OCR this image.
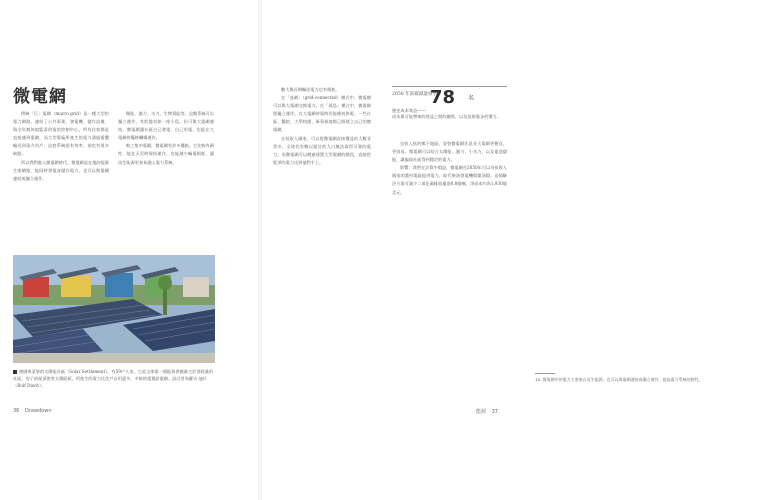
微電網

傳統「巨」電網（macro grid）是一種大型的電力網路，連結了公共事業、發電機、儲存設備，與全年無休地監看供電的控制中心。所有住家都是直接連到電網，而大型電廠所產生的電力通過電纜輸送到遠方用戶。這套系統很有效率，卻也有很多缺點。

所以我們進入微電網時代。微電網是在地的能源生產網路，能同時發電並儲存電力，也可以與電網連結或獨立運作。

陽能、風力、水力、生物質能等。這類系統可以獨立運作，其狀態有如一座小島，但可與大電網連結。微電網讓社區自己發電、自己用電，也能在大電網停擺時繼續運作。

較之集中電網，微電網有許多優點。它比較有韌性，能在天災時保持運作，也能減少輸電損耗，讓再生能源更容易融入電力系統。

德國弗萊堡的太陽能社區（Solar Settlement），有59戶人家，它是全球第一個能源供應量大於消耗量的社區。房子的屋頂裝有太陽能板，所產生的電力比住戶自用還多，多餘的電賣給電網。設計者為羅夫·迪什（Rolf Disch）。
36 Drawdown

數大與長期輸送電力也有損耗。

在「並網」（grid-connected）模式中，微電網可以與大電網交換電力。在「孤島」模式中，微電網則獨立運作，在大電網停電時仍能維持供電。一些社區、醫院、大學校園、軍事基地都已經建立自己的微電網。

在低收入國家，可以從微電網直接獲益的人數非常多。全球仍有數以億計的人口無法取得可靠的電力，而微電網可以跳過建置大型電網的階段，直接把乾淨的電力送到他們手上。

在收入低的鄉下地區，安裝微電網比延長大電網更便宜，更容易。微電網可以結合太陽能、風力、小水力，以及電池儲能，讓偏遠社區得到穩定的電力。

影響：我們在計算中假設，微電網在2050年可以為低收入國家的農村地區提供電力，取代柴油發電機與煤油燈。這個解決方案可減少二氧化碳排放量達0.8億噸，淨成本約為1,930億美元。

18. 微電網中的電力主要來自再生能源，也可以與電網連接或獨立運作，提高電力系統的韌性。
能源 37
2050 年前碳減量排名
78 名
歷史成本效益——
成本與可能帶來的效益之間的關係，以及技術進步的潛力。
